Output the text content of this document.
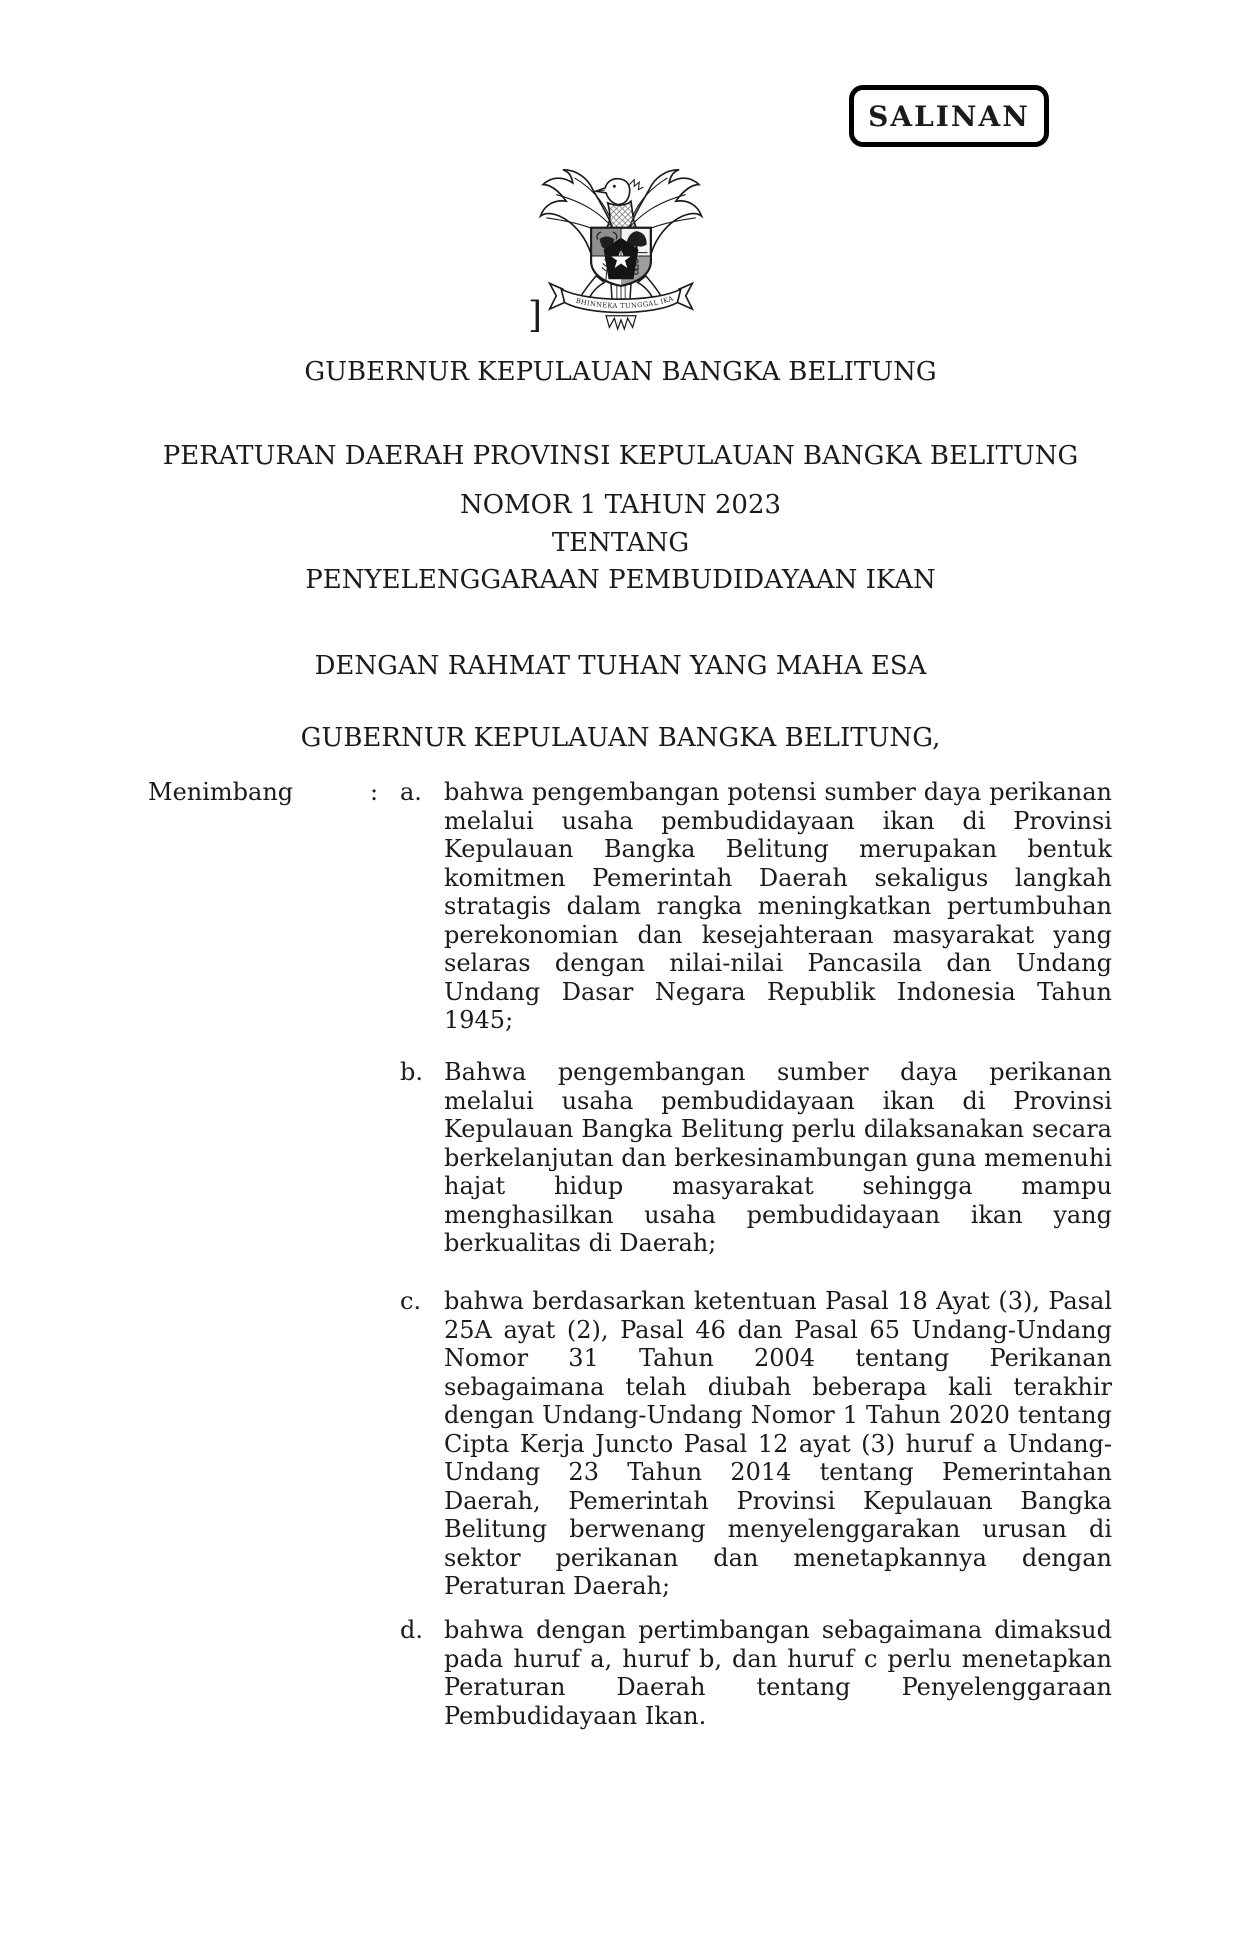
SALINAN
BHINNEKA TUNGGAL IKA
]
GUBERNUR KEPULAUAN BANGKA BELITUNG
PERATURAN DAERAH PROVINSI KEPULAUAN BANGKA BELITUNG
NOMOR 1 TAHUN 2023
TENTANG
PENYELENGGARAAN PEMBUDIDAYAAN IKAN
DENGAN RAHMAT TUHAN YANG MAHA ESA
GUBERNUR KEPULAUAN BANGKA BELITUNG,
Menimbang	: a. bahwa pengembangan potensi sumber daya perikanan melalui usaha pembudidayaan ikan di Provinsi Kepulauan Bangka Belitung merupakan bentuk komitmen Pemerintah Daerah sekaligus langkah stratagis dalam rangka meningkatkan pertumbuhan perekonomian dan kesejahteraan masyarakat yang selaras dengan nilai-nilai Pancasila dan Undang Undang Dasar Negara Republik Indonesia Tahun 1945;
b. Bahwa pengembangan sumber daya perikanan melalui usaha pembudidayaan ikan di Provinsi Kepulauan Bangka Belitung perlu dilaksanakan secara berkelanjutan dan berkesinambungan guna memenuhi hajat hidup masyarakat sehingga mampu menghasilkan usaha pembudidayaan ikan yang berkualitas di Daerah;
c. bahwa berdasarkan ketentuan Pasal 18 Ayat (3), Pasal 25A ayat (2), Pasal 46 dan Pasal 65 Undang-Undang Nomor 31 Tahun 2004 tentang Perikanan sebagaimana telah diubah beberapa kali terakhir dengan Undang-Undang Nomor 1 Tahun 2020 tentang Cipta Kerja Juncto Pasal 12 ayat (3) huruf a Undang-Undang 23 Tahun 2014 tentang Pemerintahan Daerah, Pemerintah Provinsi Kepulauan Bangka Belitung berwenang menyelenggarakan urusan di sektor perikanan dan menetapkannya dengan Peraturan Daerah;
d. bahwa dengan pertimbangan sebagaimana dimaksud pada huruf a, huruf b, dan huruf c perlu menetapkan Peraturan Daerah tentang Penyelenggaraan Pembudidayaan Ikan.
